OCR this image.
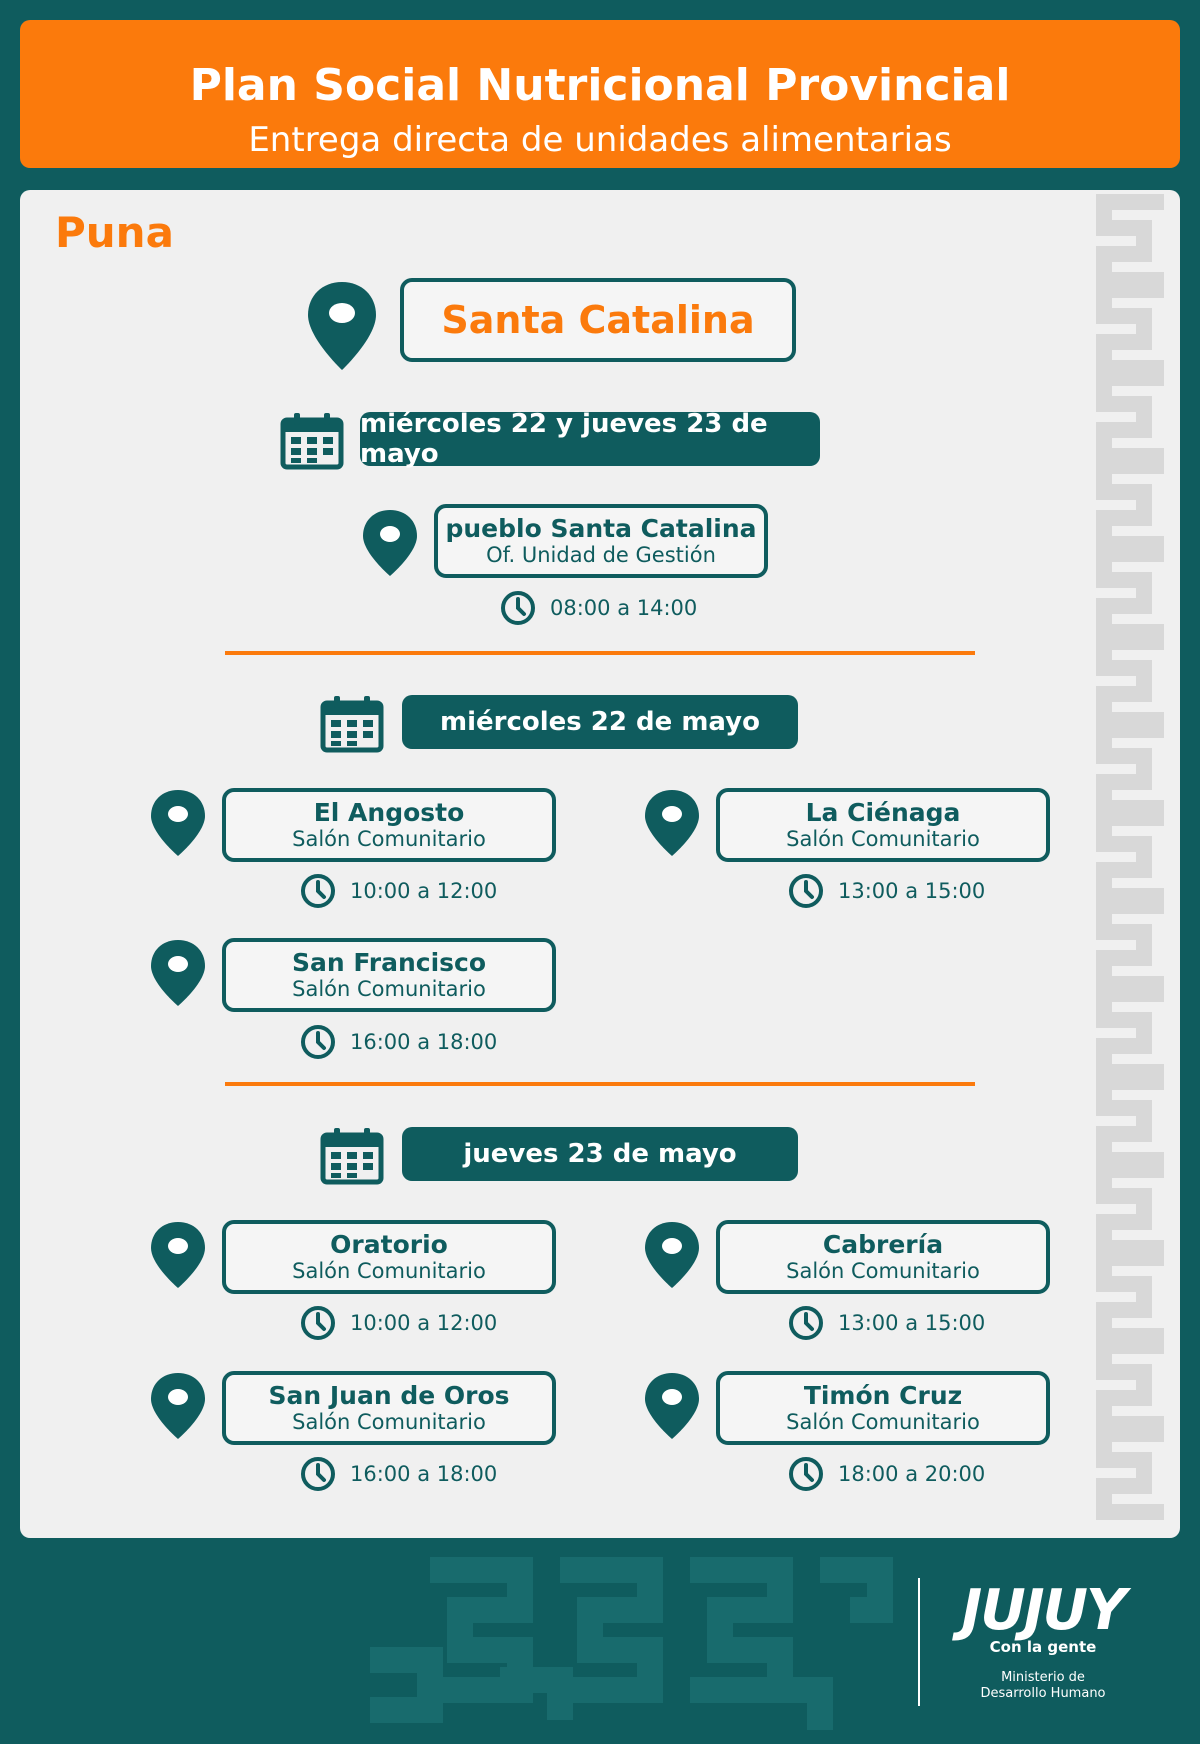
Plan Social Nutricional Provincial
Entrega directa de unidades alimentarias
Puna
Santa Catalina
miércoles 22 y jueves 23 de mayo
pueblo Santa Catalina
Of. Unidad de Gestión
08:00 a 14:00
miércoles 22 de mayo
El Angosto
Salón Comunitario
10:00 a 12:00
La Ciénaga
Salón Comunitario
13:00 a 15:00
San Francisco
Salón Comunitario
16:00 a 18:00
jueves 23 de mayo
Oratorio
Salón Comunitario
10:00 a 12:00
Cabrería
Salón Comunitario
13:00 a 15:00
San Juan de Oros
Salón Comunitario
16:00 a 18:00
Timón Cruz
Salón Comunitario
18:00 a 20:00
JUJUY
Con la gente
Ministerio de
Desarrollo Humano
